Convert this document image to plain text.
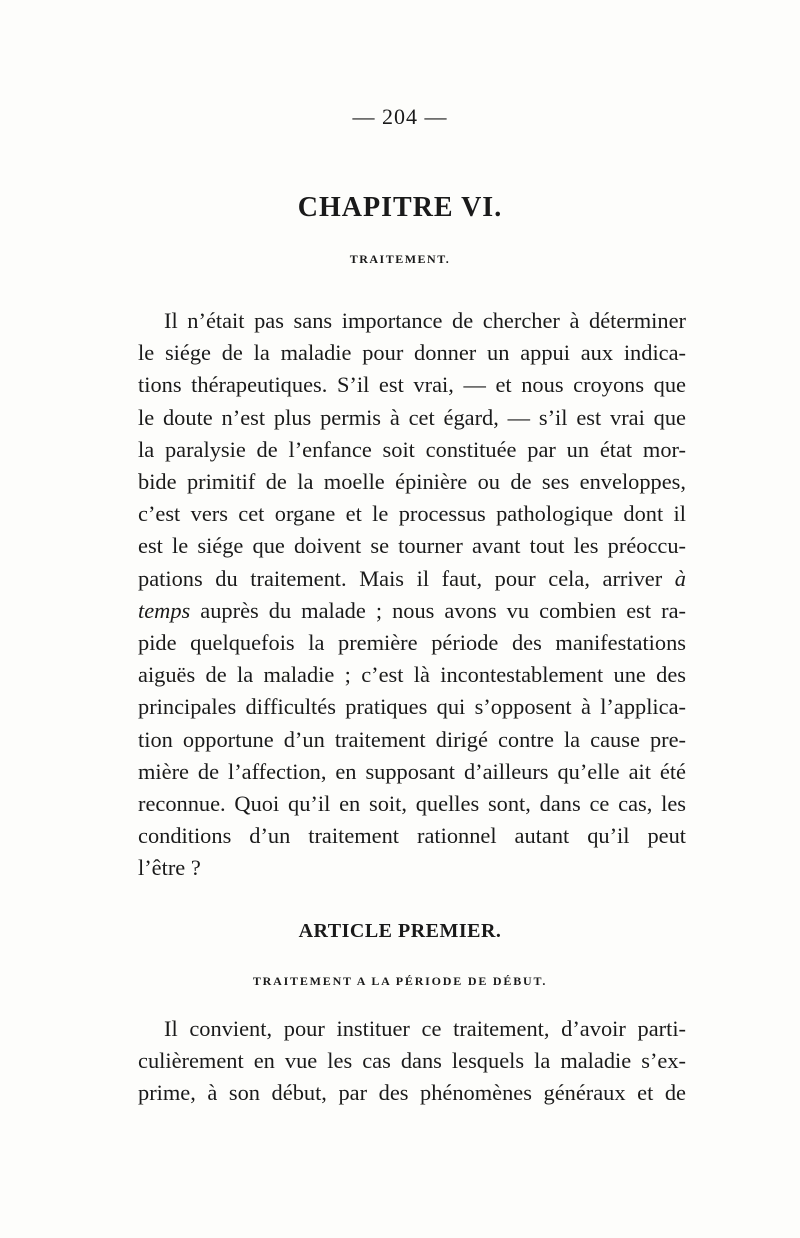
— 204 —
CHAPITRE VI.
TRAITEMENT.
Il n’était pas sans importance de chercher à déterminer
le siége de la maladie pour donner un appui aux indica-
tions thérapeutiques. S’il est vrai, — et nous croyons que
le doute n’est plus permis à cet égard, — s’il est vrai que
la paralysie de l’enfance soit constituée par un état mor-
bide primitif de la moelle épinière ou de ses enveloppes,
c’est vers cet organe et le processus pathologique dont il
est le siége que doivent se tourner avant tout les préoccu-
pations du traitement. Mais il faut, pour cela, arriver à
temps auprès du malade ; nous avons vu combien est ra-
pide quelquefois la première période des manifestations
aiguës de la maladie ; c’est là incontestablement une des
principales difficultés pratiques qui s’opposent à l’applica-
tion opportune d’un traitement dirigé contre la cause pre-
mière de l’affection, en supposant d’ailleurs qu’elle ait été
reconnue. Quoi qu’il en soit, quelles sont, dans ce cas, les
conditions d’un traitement rationnel autant qu’il peut
l’être ?
ARTICLE PREMIER.
TRAITEMENT A LA PÉRIODE DE DÉBUT.
Il convient, pour instituer ce traitement, d’avoir parti-
culièrement en vue les cas dans lesquels la maladie s’ex-
prime, à son début, par des phénomènes généraux et de
